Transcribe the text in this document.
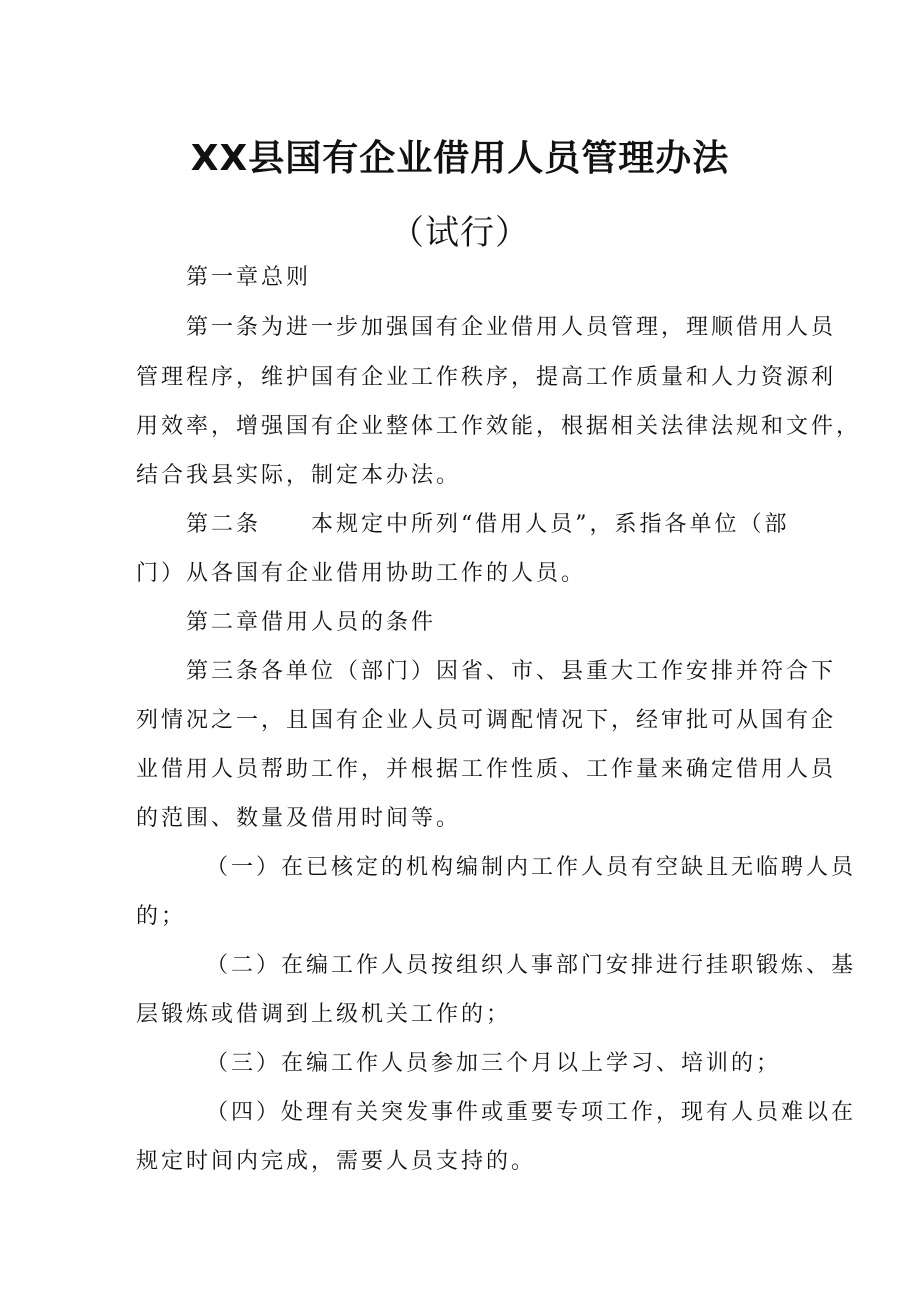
XX县国有企业借用人员管理办法
（试行）
第一章总则
第一条为进一步加强国有企业借用人员管理，理顺借用人员
管理程序，维护国有企业工作秩序，提高工作质量和人力资源利
用效率，增强国有企业整体工作效能，根据相关法律法规和文件，
结合我县实际，制定本办法。
第二条　　本规定中所列“借用人员”，系指各单位（部
门）从各国有企业借用协助工作的人员。
第二章借用人员的条件
第三条各单位（部门）因省、市、县重大工作安排并符合下
列情况之一，且国有企业人员可调配情况下，经审批可从国有企
业借用人员帮助工作，并根据工作性质、工作量来确定借用人员
的范围、数量及借用时间等。
（一）在已核定的机构编制内工作人员有空缺且无临聘人员
的；
（二）在编工作人员按组织人事部门安排进行挂职锻炼、基
层锻炼或借调到上级机关工作的；
（三）在编工作人员参加三个月以上学习、培训的；
（四）处理有关突发事件或重要专项工作，现有人员难以在
规定时间内完成，需要人员支持的。
